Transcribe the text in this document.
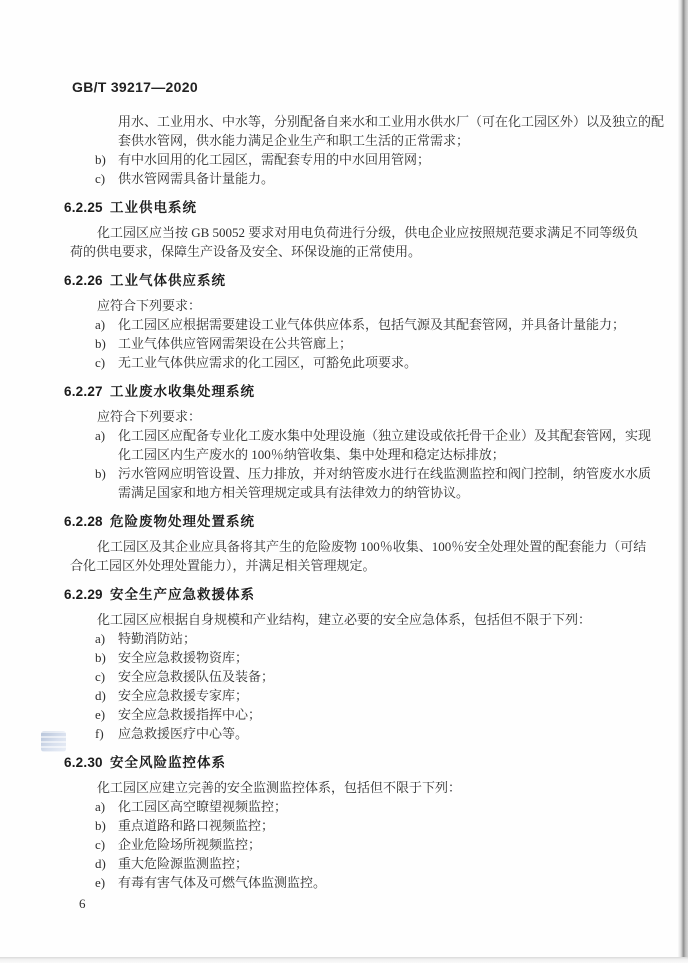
GB/T 39217—2020
用水、工业用水、中水等，分别配备自来水和工业用水供水厂（可在化工园区外）以及独立的配
套供水管网，供水能力满足企业生产和职工生活的正常需求；
b) 有中水回用的化工园区，需配套专用的中水回用管网；
c) 供水管网需具备计量能力。
6.2.25 工业供电系统
化工园区应当按 GB 50052 要求对用电负荷进行分级，供电企业应按照规范要求满足不同等级负
荷的供电要求，保障生产设备及安全、环保设施的正常使用。
6.2.26 工业气体供应系统
应符合下列要求：
a) 化工园区应根据需要建设工业气体供应体系，包括气源及其配套管网，并具备计量能力；
b) 工业气体供应管网需架设在公共管廊上；
c) 无工业气体供应需求的化工园区，可豁免此项要求。
6.2.27 工业废水收集处理系统
应符合下列要求：
a) 化工园区应配备专业化工废水集中处理设施（独立建设或依托骨干企业）及其配套管网，实现
化工园区内生产废水的 100％纳管收集、集中处理和稳定达标排放；
b) 污水管网应明管设置、压力排放，并对纳管废水进行在线监测监控和阀门控制，纳管废水水质
需满足国家和地方相关管理规定或具有法律效力的纳管协议。
6.2.28 危险废物处理处置系统
化工园区及其企业应具备将其产生的危险废物 100％收集、100％安全处理处置的配套能力（可结
合化工园区外处理处置能力），并满足相关管理规定。
6.2.29 安全生产应急救援体系
化工园区应根据自身规模和产业结构，建立必要的安全应急体系，包括但不限于下列：
a) 特勤消防站；
b) 安全应急救援物资库；
c) 安全应急救援队伍及装备；
d) 安全应急救援专家库；
e) 安全应急救援指挥中心；
f)	应急救援医疗中心等。
6.2.30 安全风险监控体系
化工园区应建立完善的安全监测监控体系，包括但不限于下列：
a) 化工园区高空瞭望视频监控；
b) 重点道路和路口视频监控；
c) 企业危险场所视频监控；
d) 重大危险源监测监控；
e) 有毒有害气体及可燃气体监测监控。
6
